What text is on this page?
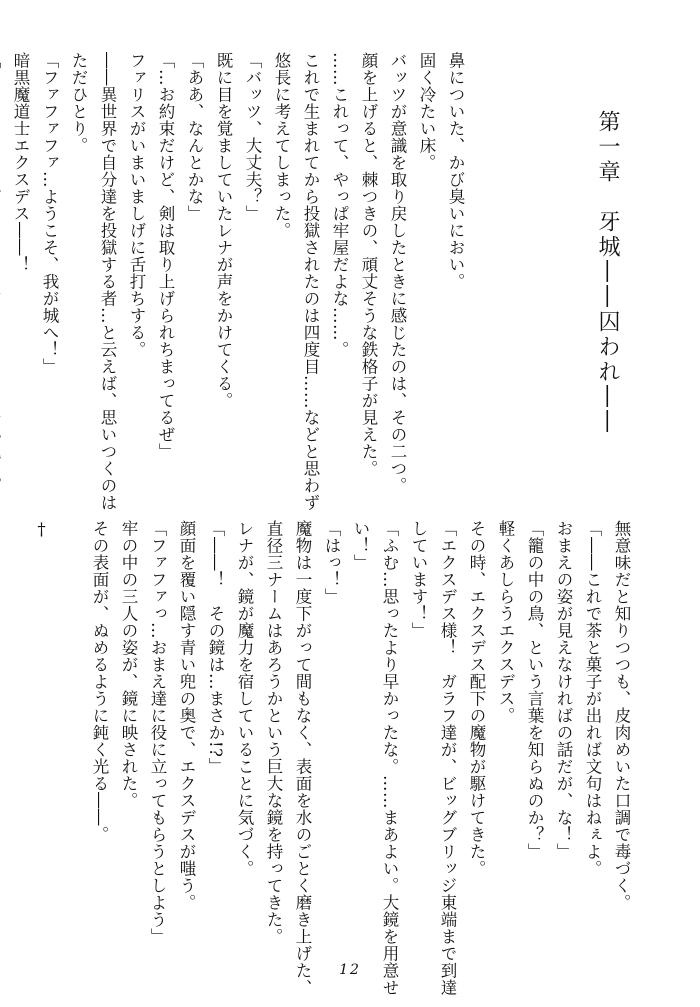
第一章　牙城――囚われ――
鼻についた、かび臭いにおい。
固く冷たい床。
バッツが意識を取り戻したときに感じたのは、その二つ。
顔を上げると、棘つきの、頑丈そうな鉄格子が見えた。
……これって、やっぱ牢屋だよな……。
これで生まれてから投獄されたのは四度目……などと思わず
悠長に考えてしまった。
「バッツ、大丈夫？」
既に目を覚ましていたレナが声をかけてくる。
「ああ、なんとかな」
「…お約束だけど、剣は取り上げられちまってるぜ」
ファリスがいまいましげに舌打ちする。
――異世界で自分達を投獄する者…と云えば、思いつくのは
ただひとり。
「ファファファ…ようこそ、我が城へ！」
暗黒魔道士エクスデス――！
無意味だと知りつつも、皮肉めいた口調で毒づく。
「――これで茶と菓子が出れば文句はねぇよ。
おまえの姿が見えなければの話だが、な！」
「籠の中の鳥、という言葉を知らぬのか？」
軽くあしらうエクスデス。
その時、エクスデス配下の魔物が駆けてきた。
「エクスデス様！　ガラフ達が、ビッグブリッジ東端まで到達
しています！」
「ふむ…思ったより早かったな。……まあよい。大鏡を用意せ
い！」
「はっ！」
魔物は一度下がって間もなく、表面を水のごとく磨き上げた、
直径三ナームはあろうかという巨大な鏡を持ってきた。
レナが、鏡が魔力を宿していることに気づく。
「――！　その鏡は…まさか!?」
顔面を覆い隠す青い兜の奥で、エクスデスが嗤う。
「ファファっ…おまえ達に役に立ってもらうとしよう」
牢の中の三人の姿が、鏡に映された。
その表面が、ぬめるように鈍く光る――。

†

12
